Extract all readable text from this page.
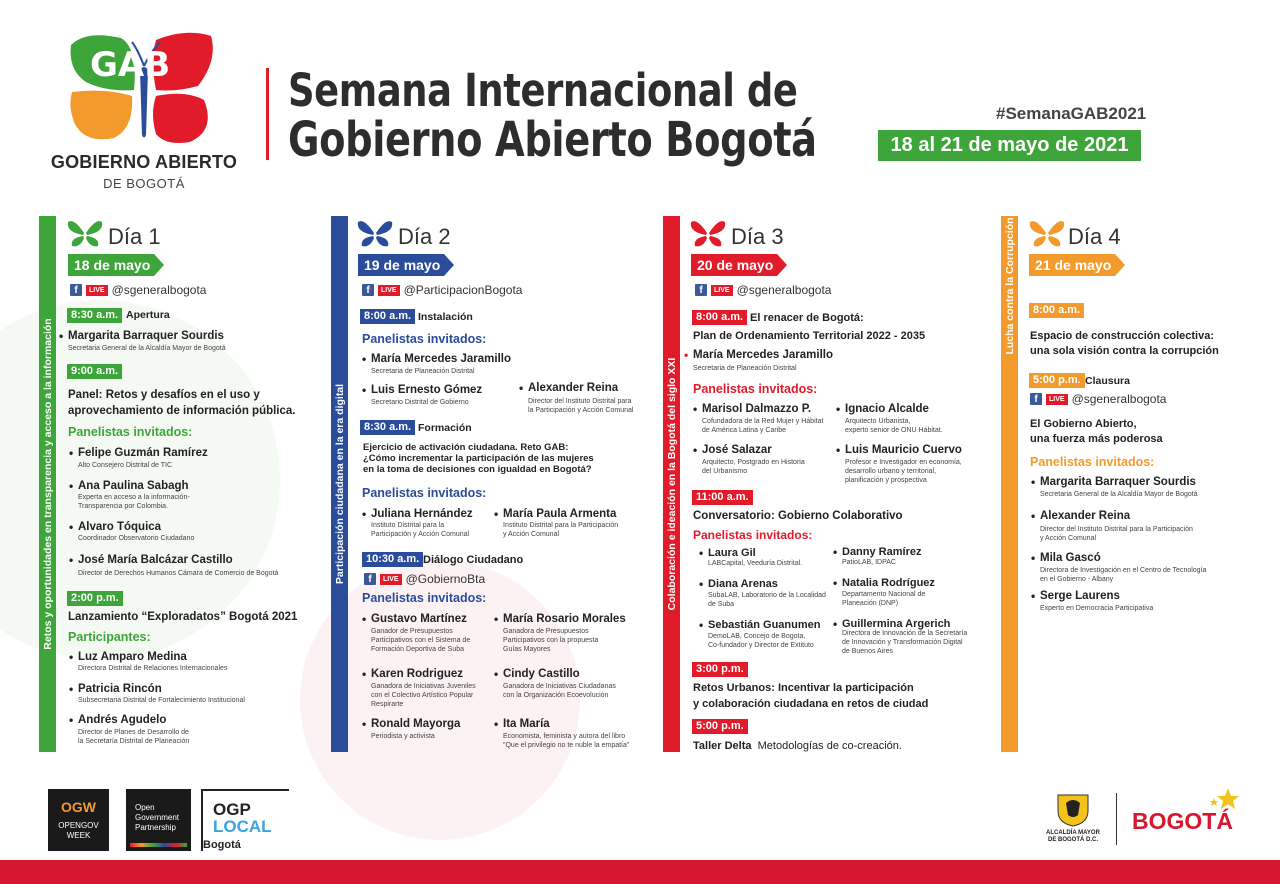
GAB
GOBIERNO ABIERTO
DE BOGOTÁ
Semana Internacional de
Gobierno Abierto Bogotá	#SemanaGAB2021
18 al 21 de mayo de 2021
Retos y oportunidades en transparencia y acceso a la información
Día 1
18 de mayo
f	LIVE @sgeneralbogota
8:30 a.m. Apertura
• Margarita Barraquer Sourdis
Secretaria General de la Alcaldía Mayor de Bogotá
9:00 a.m.
Panel: Retos y desafíos en el uso y
aprovechamiento de información pública.
Panelistas invitados:
• Felipe Guzmán Ramírez
Alto Consejero Distrital de TIC
• Ana Paulina Sabagh
Experta en acceso a la información-
Transparencia por Colombia.
• Alvaro Tóquica
Coordinador Observatorio Ciudadano
• José María Balcázar Castillo
Director de Derechos Humanos Cámara de Comercio de Bogotá
2:00 p.m.
Lanzamiento “Exploradatos” Bogotá 2021
Participantes:
• Luz Amparo Medina
Directora Distrital de Relaciones Internacionales
• Patricia Rincón
Subsecretaria Distrital de Fortalecimiento Institucional
• Andrés Agudelo
Director de Planes de Desarrollo de
la Secretaría Distrital de Planeación
Participación ciudadana en la era digital
Día 2
19 de mayo
f	LIVE @ParticipacionBogota
8:00 a.m. Instalación
Panelistas invitados:
• María Mercedes Jaramillo
Secretaria de Planeación Distrital
• Luis Ernesto Gómez
Secretario Distrital de Gobierno
• Alexander Reina
Director del Instituto Distrital para
la Participación y Acción Comunal
8:30 a.m. Formación
Ejercicio de activación ciudadana. Reto GAB:
¿Cómo incrementar la participación de las mujeres
en la toma de decisiones con igualdad en Bogotá?
Panelistas invitados:
• Juliana Hernández
Instituto Distrital para la
Participación y Acción Comunal
• María Paula Armenta
Instituto Distrital para la Participación
y Acción Comunal
10:30 a.m. Diálogo Ciudadano
f	LIVE @GobiernoBta
Panelistas invitados:
• Gustavo Martínez
Ganador de Presupuestos
Participativos con el Sistema de
Formación Deportiva de Suba
• María Rosario Morales
Ganadora de Presupuestos
Participativos con la propuesta
Guías Mayores
• Karen Rodriguez
Ganadora de Iniciativas Juveniles
con el Colectivo Artístico Popular
Respirarte
• Cindy Castillo
Ganadora de Iniciativas Ciudadanas
con la Organización Ecoevolución
• Ronald Mayorga
Periodista y activista
• Ita María
Economista, feminista y autora del libro
"Que el privilegio no te nuble la empatía"
Colaboración e ideación en la Bogotá del siglo XXI
Día 3
20 de mayo
f	LIVE @sgeneralbogota
8:00 a.m. El renacer de Bogotá:
Plan de Ordenamiento Territorial 2022 - 2035
• María Mercedes Jaramillo
Secretaria de Planeación Distrital
Panelistas invitados:
• Marisol Dalmazzo P.
Cofundadora de la Red Mujer y Hábitat
de América Latina y Caribe
• Ignacio Alcalde
Arquitecto Urbanista,
experto senior de ONU Hábitat.
• José Salazar
Arquitecto, Postgrado en Historia
del Urbanismo
• Luis Mauricio Cuervo
Profesor e Investigador en economía,
desarrollo urbano y territorial,
planificación y prospectiva
11:00 a.m.
Conversatorio: Gobierno Colaborativo
Panelistas invitados:
• Laura Gil
LABCapital, Veeduría Distrital.
• Danny Ramírez
PatioLAB, IDPAC
• Diana Arenas
SubaLAB, Laboratorio de la Localidad
de Suba
• Natalia Rodríguez
Departamento Nacional de
Planeación (DNP)
• Sebastián Guanumen
DemoLAB, Concejo de Bogota,
Co-fundador y Director de Extituto
• Guillermina Argerich
Directora de Innovación de la Secretaría
de Innovación y Transformación Digital
de Buenos Aires
3:00 p.m.
Retos Urbanos: Incentivar la participación
y colaboración ciudadana en retos de ciudad
5:00 p.m.
Taller Delta Metodologías de co-creación.
Lucha contra la Corrupción Día 4
21 de mayo
8:00 a.m.
Espacio de construcción colectiva:
una sola visión contra la corrupción
5:00 p.m. Clausura
f	LIVE @sgeneralbogota
El Gobierno Abierto,
una fuerza más poderosa
Panelistas invitados:
• Margarita Barraquer Sourdis
Secretaria General de la Alcaldía Mayor de Bogotá
• Alexander Reina
Director del Instituto Distrital para la Participación
y Acción Comunal
• Mila Gascó
Directora de Investigación en el Centro de Tecnología
en el Gobierno - Albany
• Serge Laurens
Experto en Democracia Participativa
OGW
OPENGOV
WEEK
Open
Government
Partnership
OGP
LOCAL
Bogotá
ALCALDÍA MAYOR
DE BOGOTÁ D.C.
BOGOTÁ
